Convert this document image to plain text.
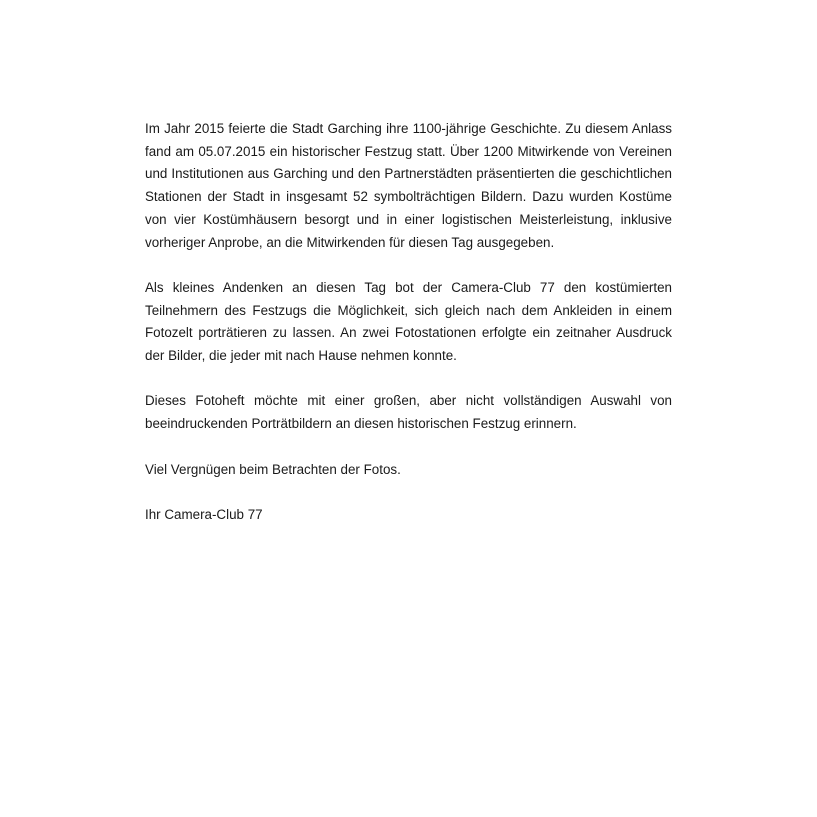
Im Jahr 2015 feierte die Stadt Garching ihre 1100-jährige Geschichte. Zu diesem Anlass fand am 05.07.2015 ein historischer Festzug statt. Über 1200 Mitwirkende von Vereinen und Institutionen aus Garching und den Partnerstädten präsentierten die geschichtlichen Stationen der Stadt in insgesamt 52 symbolträchtigen Bildern. Dazu wurden Kostüme von vier Kostümhäusern besorgt und in einer logistischen Meisterleistung, inklusive vorheriger Anprobe, an die Mitwirkenden für diesen Tag ausgegeben.

Als kleines Andenken an diesen Tag bot der Camera-Club 77 den kostümierten Teilnehmern des Festzugs die Möglichkeit, sich gleich nach dem Ankleiden in einem Fotozelt porträtieren zu lassen. An zwei Fotostationen erfolgte ein zeitnaher Ausdruck der Bilder, die jeder mit nach Hause nehmen konnte.

Dieses Fotoheft möchte mit einer großen, aber nicht vollständigen Auswahl von beeindruckenden Porträtbildern an diesen historischen Festzug erinnern.

Viel Vergnügen beim Betrachten der Fotos.

Ihr Camera-Club 77
